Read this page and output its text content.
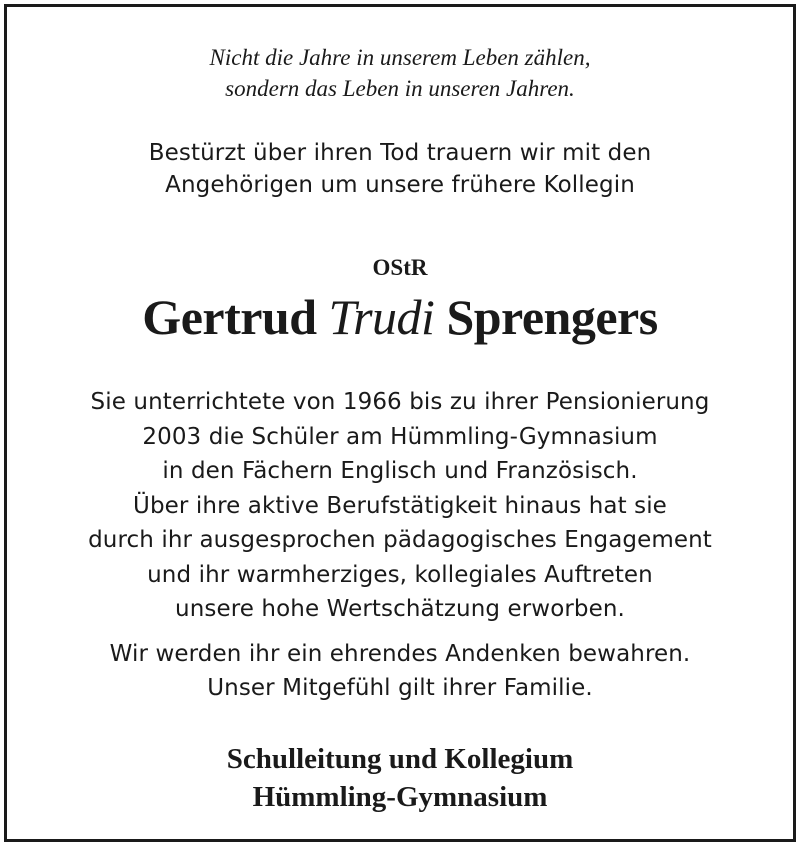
Nicht die Jahre in unserem Leben zählen,
sondern das Leben in unseren Jahren.
Bestürzt über ihren Tod trauern wir mit den
Angehörigen um unsere frühere Kollegin
OStR
Gertrud Trudi Sprengers
Sie unterrichtete von 1966 bis zu ihrer Pensionierung
2003 die Schüler am Hümmling-Gymnasium
in den Fächern Englisch und Französisch.
Über ihre aktive Berufstätigkeit hinaus hat sie
durch ihr ausgesprochen pädagogisches Engagement
und ihr warmherziges, kollegiales Auftreten
unsere hohe Wertschätzung erworben.
Wir werden ihr ein ehrendes Andenken bewahren.
Unser Mitgefühl gilt ihrer Familie.
Schulleitung und Kollegium
Hümmling-Gymnasium
